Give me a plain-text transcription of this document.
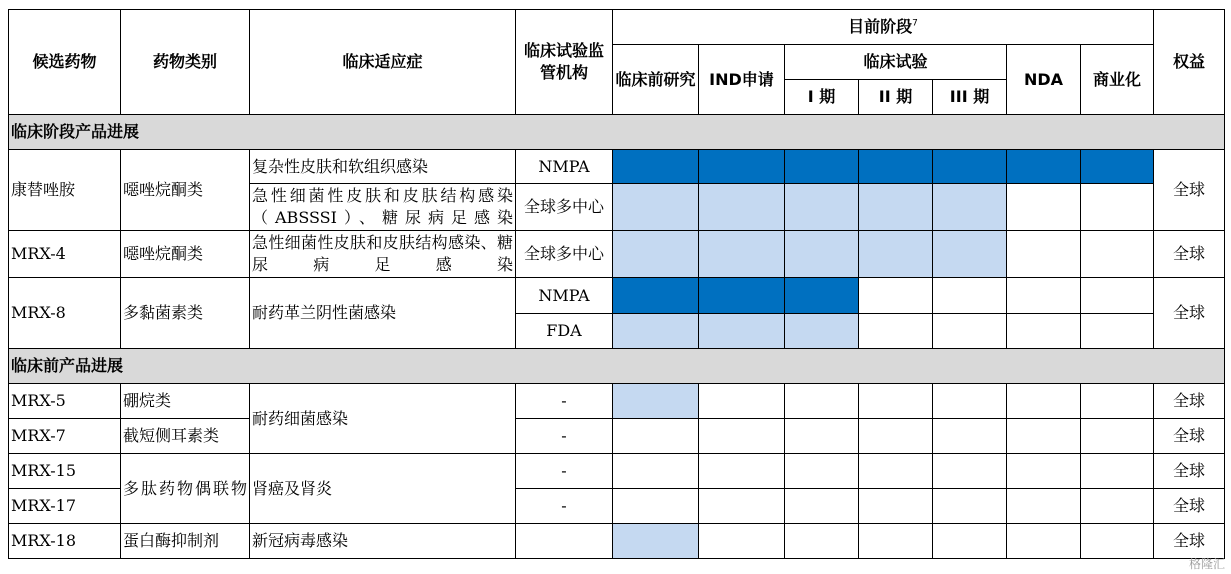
候选药物	药物类别	临床适应症	临床试验监管机构	目前阶段$^7$							权益
				临床前研究	IND申请	临床试验			NDA	商业化	
						I 期	II 期	III 期			
临床阶段产品进展											
康替唑胺	噁唑烷酮类	复杂性皮肤和软组织感染	NMPA								全球
		急性细菌性皮肤和皮肤结构感染（ABSSSI）、糖尿病足感染	全球多中心								
MRX-4	噁唑烷酮类	急性细菌性皮肤和皮肤结构感染、糖尿病足感染	全球多中心								全球
MRX-8	多黏菌素类	耐药革兰阴性菌感染	NMPA								全球
			FDA								
临床前产品进展											
MRX-5	硼烷类	耐药细菌感染	-								全球
MRX-7	截短侧耳素类		-								全球
MRX-15	多肽药物偶联物	肾癌及肾炎	-								全球
MRX-17			-								全球
MRX-18	蛋白酶抑制剂	新冠病毒感染									全球
格隆汇
